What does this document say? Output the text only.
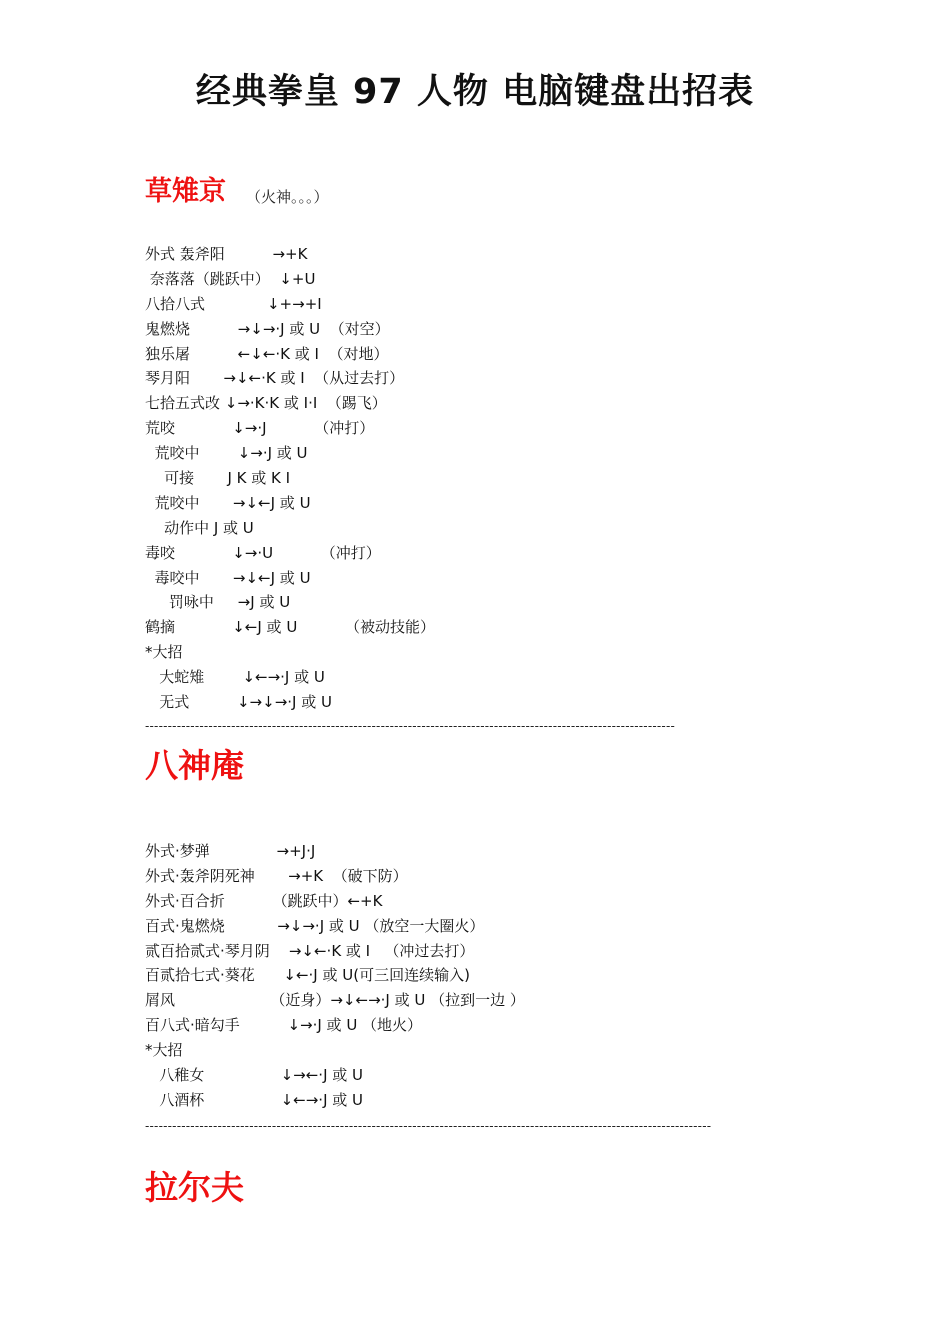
经典拳皇 97 人物 电脑键盘出招表
草雉京 （火神。。。）
外式 轰斧阳          →+K
奈落落（跳跃中）  ↓+U
八拾八式             ↓+→+I
鬼燃烧          →↓→·J 或 U  （对空）
独乐屠          ←↓←·K 或 I  （对地）
琴月阳       →↓←·K 或 I  （从过去打）
七拾五式改 ↓→·K·K 或 I·I  （踢飞）
荒咬            ↓→·J          （冲打）
荒咬中        ↓→·J 或 U
可接       J K 或 K I
荒咬中       →↓←J 或 U
动作中 J 或 U
毒咬            ↓→·U          （冲打）
毒咬中       →↓←J 或 U
罚咏中     →J 或 U
鹤摘            ↓←J 或 U          （被动技能）
*大招
大蛇雉        ↓←→·J 或 U
无式          ↓→↓→·J 或 U
---------------------------------------------------------------------------------------------------------------------
八神庵
外式·梦弹              →+J·J
外式·轰斧阴死神       →+K  （破下防）
外式·百合折          （跳跃中）←+K
百式·鬼燃烧           →↓→·J 或 U （放空一大圈火）
贰百拾贰式·琴月阴    →↓←·K 或 I   （冲过去打）
百贰拾七式·葵花      ↓←·J 或 U(可三回连续输入)
屑风                    （近身）→↓←→·J 或 U （拉到一边 ）
百八式·暗勾手          ↓→·J 或 U （地火）
*大招
八稚女                ↓→←·J 或 U
八酒杯                ↓←→·J 或 U
-----------------------------------------------------------------------------------------------------------------------------
拉尔夫
